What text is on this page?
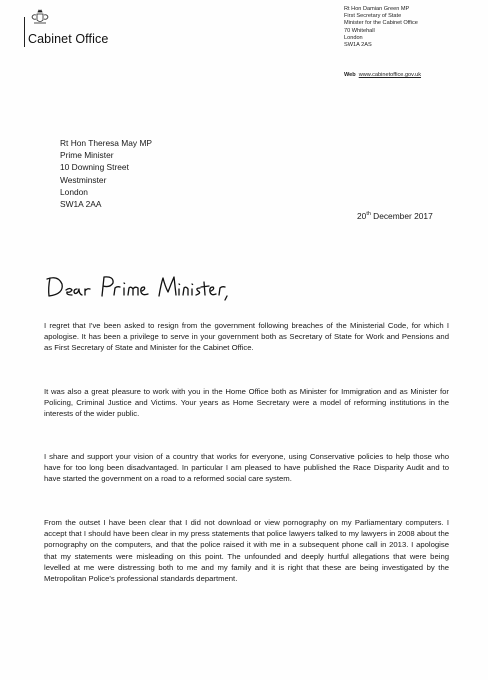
Cabinet Office
Rt Hon Damian Green MP
First Secretary of State
Minister for the Cabinet Office
70 Whitehall
London
SW1A 2AS
Web www.cabinetoffice.gov.uk
Rt Hon Theresa May MP
Prime Minister
10 Downing Street
Westminster
London
SW1A 2AA
20th December 2017
I regret that I've been asked to resign from the government following breaches of the Ministerial Code, for which I apologise. It has been a privilege to serve in your government both as Secretary of State for Work and Pensions and as First Secretary of State and Minister for the Cabinet Office.
It was also a great pleasure to work with you in the Home Office both as Minister for Immigration and as Minister for Policing, Criminal Justice and Victims. Your years as Home Secretary were a model of reforming institutions in the interests of the wider public.
I share and support your vision of a country that works for everyone, using Conservative policies to help those who have for too long been disadvantaged. In particular I am pleased to have published the Race Disparity Audit and to have started the government on a road to a reformed social care system.
From the outset I have been clear that I did not download or view pornography on my Parliamentary computers. I accept that I should have been clear in my press statements that police lawyers talked to my lawyers in 2008 about the pornography on the computers, and that the police raised it with me in a subsequent phone call in 2013. I apologise that my statements were misleading on this point. The unfounded and deeply hurtful allegations that were being levelled at me were distressing both to me and my family and it is right that these are being investigated by the Metropolitan Police's professional standards department.
